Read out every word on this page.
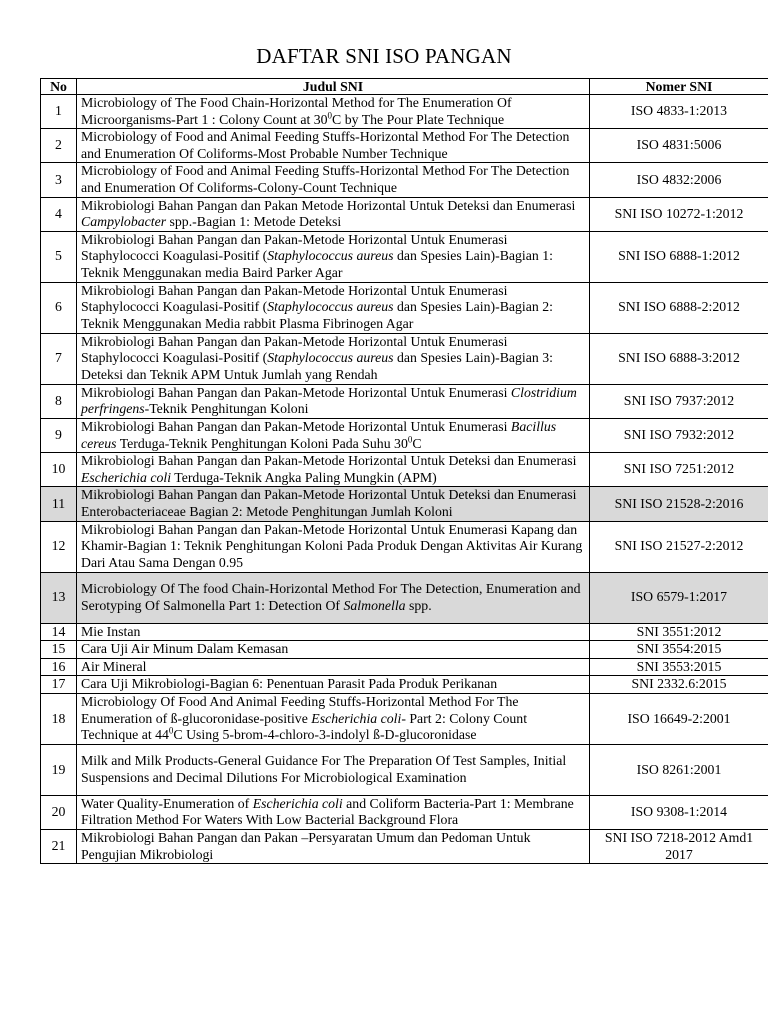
DAFTAR SNI ISO PANGAN
No	Judul SNI	Nomer SNI
1	Microbiology of The Food Chain-Horizontal Method for The Enumeration Of Microorganisms-Part 1 : Colony Count at $30^0C$ by The Pour Plate Technique	ISO 4833-1:2013
2	Microbiology of Food and Animal Feeding Stuffs-Horizontal Method For The Detection and Enumeration Of Coliforms-Most Probable Number Technique	ISO 4831:5006
3	Microbiology of Food and Animal Feeding Stuffs-Horizontal Method For The Detection and Enumeration Of Coliforms-Colony-Count Technique	ISO 4832:2006
4	Mikrobiologi Bahan Pangan dan Pakan Metode Horizontal Untuk Deteksi dan Enumerasi Campylobacter spp.-Bagian 1: Metode Deteksi	SNI ISO 10272-1:2012
5	Mikrobiologi Bahan Pangan dan Pakan-Metode Horizontal Untuk Enumerasi Staphylococci Koagulasi-Positif (Staphylococcus aureus dan Spesies Lain)-Bagian 1: Teknik Menggunakan media Baird Parker Agar	SNI ISO 6888-1:2012
6	Mikrobiologi Bahan Pangan dan Pakan-Metode Horizontal Untuk Enumerasi Staphylococci Koagulasi-Positif (Staphylococcus aureus dan Spesies Lain)-Bagian 2: Teknik Menggunakan Media rabbit Plasma Fibrinogen Agar	SNI ISO 6888-2:2012
7	Mikrobiologi Bahan Pangan dan Pakan-Metode Horizontal Untuk Enumerasi Staphylococci Koagulasi-Positif (Staphylococcus aureus dan Spesies Lain)-Bagian 3: Deteksi dan Teknik APM Untuk Jumlah yang Rendah	SNI ISO 6888-3:2012
8	Mikrobiologi Bahan Pangan dan Pakan-Metode Horizontal Untuk Enumerasi Clostridium perfringens-Teknik Penghitungan Koloni	SNI ISO 7937:2012
9	Mikrobiologi Bahan Pangan dan Pakan-Metode Horizontal Untuk Enumerasi Bacillus cereus Terduga-Teknik Penghitungan Koloni Pada Suhu $30^0C$	SNI ISO 7932:2012
10	Mikrobiologi Bahan Pangan dan Pakan-Metode Horizontal Untuk Deteksi dan Enumerasi Escherichia coli Terduga-Teknik Angka Paling Mungkin (APM)	SNI ISO 7251:2012
11	Mikrobiologi Bahan Pangan dan Pakan-Metode Horizontal Untuk Deteksi dan Enumerasi Enterobacteriaceae Bagian 2: Metode Penghitungan Jumlah Koloni	SNI ISO 21528-2:2016
12	Mikrobiologi Bahan Pangan dan Pakan-Metode Horizontal Untuk Enumerasi Kapang dan Khamir-Bagian 1: Teknik Penghitungan Koloni Pada Produk Dengan Aktivitas Air Kurang Dari Atau Sama Dengan 0.95	SNI ISO 21527-2:2012
13	Microbiology Of The food Chain-Horizontal Method For The Detection, Enumeration and Serotyping Of Salmonella Part 1: Detection Of Salmonella spp.	ISO 6579-1:2017
14	Mie Instan	SNI 3551:2012
15	Cara Uji Air Minum Dalam Kemasan	SNI 3554:2015
16	Air Mineral	SNI 3553:2015
17	Cara Uji Mikrobiologi-Bagian 6: Penentuan Parasit Pada Produk Perikanan	SNI 2332.6:2015
18	Microbiology Of Food And Animal Feeding Stuffs-Horizontal Method For The Enumeration of ß-glucoronidase-positive Escherichia coli- Part 2: Colony Count Technique at $44^0C$ Using 5-brom-4-chloro-3-indolyl ß-D-glucoronidase	ISO 16649-2:2001
19	Milk and Milk Products-General Guidance For The Preparation Of Test Samples, Initial Suspensions and Decimal Dilutions For Microbiological Examination	ISO 8261:2001
20	Water Quality-Enumeration of Escherichia coli and Coliform Bacteria-Part 1: Membrane Filtration Method For Waters With Low Bacterial Background Flora	ISO 9308-1:2014
21	Mikrobiologi Bahan Pangan dan Pakan –Persyaratan Umum dan Pedoman Untuk Pengujian Mikrobiologi	SNI ISO 7218-2012 Amd1 2017
